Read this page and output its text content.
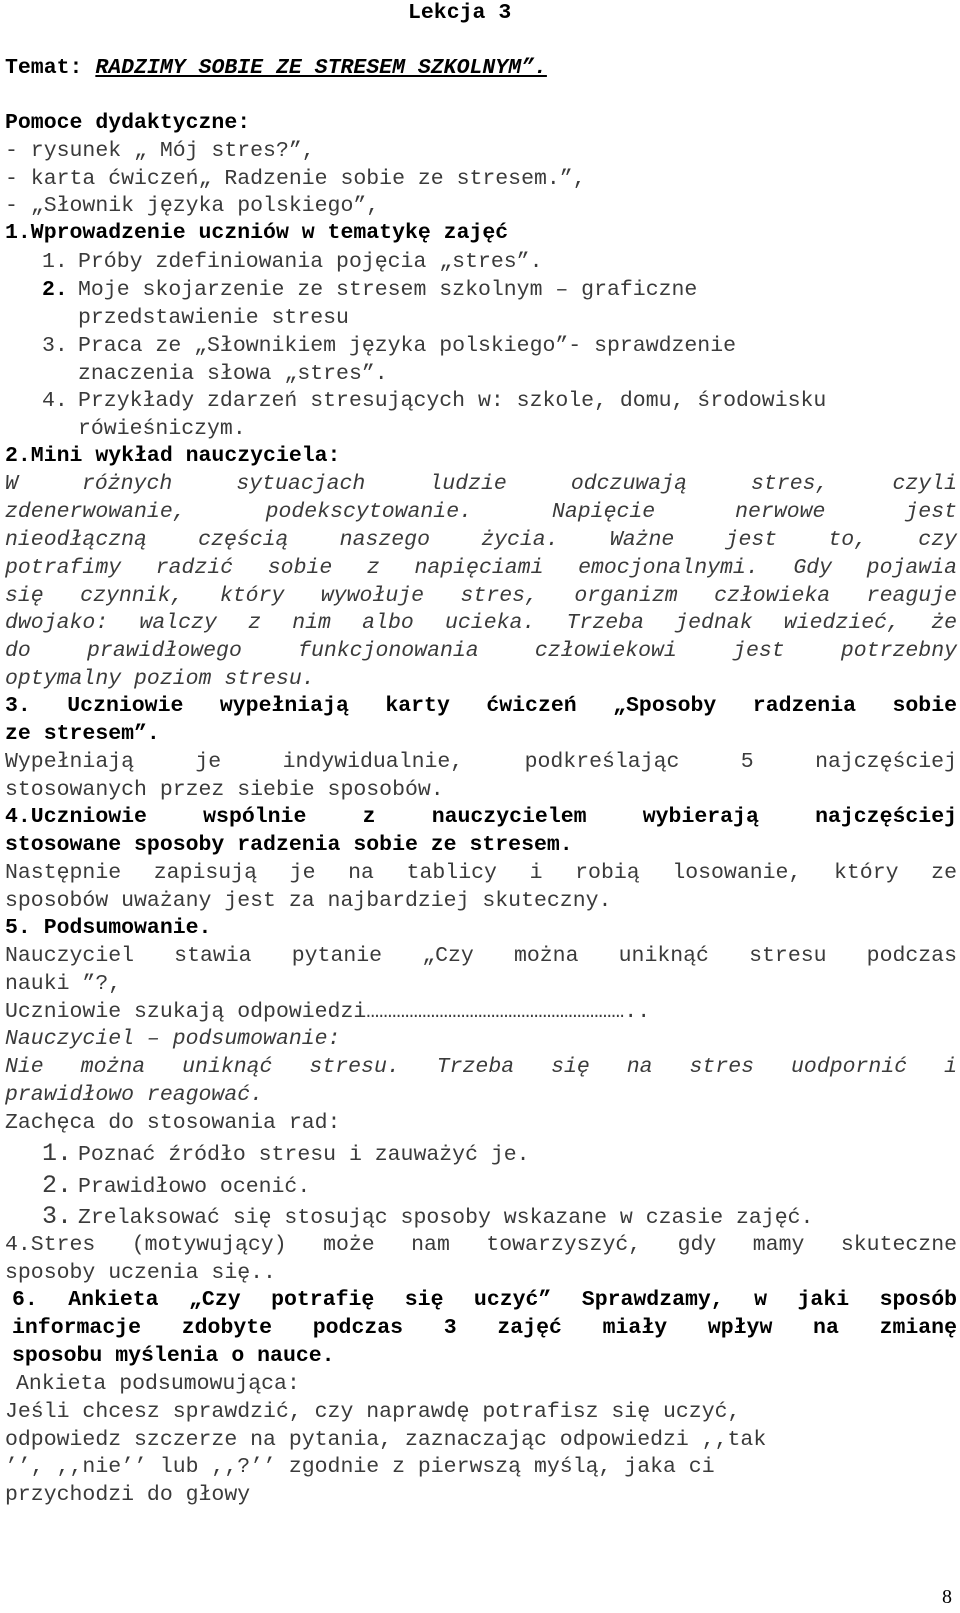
Lekcja 3
Temat: RADZIMY SOBIE ZE STRESEM SZKOLNYM”.
Pomoce dydaktyczne:
- rysunek „ Mój stres?”,
- karta ćwiczeń„ Radzenie sobie ze stresem.”,
- „Słownik języka polskiego”,
1.Wprowadzenie uczniów w tematykę zajęć
1. Próby zdefiniowania pojęcia „stres”.
2. Moje skojarzenie ze stresem szkolnym – graficzne
przedstawienie stresu
3. Praca ze „Słownikiem języka polskiego”- sprawdzenie
znaczenia słowa „stres”.
4. Przykłady zdarzeń stresujących w: szkole, domu, środowisku
rówieśniczym.
2.Mini wykład nauczyciela:
W różnych sytuacjach ludzie odczuwają stres, czyli
zdenerwowanie, podekscytowanie. Napięcie nerwowe jest
nieodłączną częścią naszego życia. Ważne jest to, czy
potrafimy radzić sobie z napięciami emocjonalnymi. Gdy pojawia
się czynnik, który wywołuje stres, organizm człowieka reaguje
dwojako: walczy z nim albo ucieka. Trzeba jednak wiedzieć, że
do prawidłowego funkcjonowania człowiekowi jest potrzebny
optymalny poziom stresu.
3. Uczniowie wypełniają karty ćwiczeń „Sposoby radzenia sobie
ze stresem”.
Wypełniają je indywidualnie, podkreślając 5 najczęściej
stosowanych przez siebie sposobów.
4.Uczniowie wspólnie z nauczycielem wybierają najczęściej
stosowane sposoby radzenia sobie ze stresem.
Następnie zapisują je na tablicy i robią losowanie, który ze
sposobów uważany jest za najbardziej skuteczny.
5. Podsumowanie.
Nauczyciel stawia pytanie „Czy można uniknąć stresu podczas
nauki ”?,
Uczniowie szukają odpowiedzi……………………………………………………..
Nauczyciel – podsumowanie:
Nie można uniknąć stresu. Trzeba się na stres uodpornić i
prawidłowo reagować.
Zachęca do stosowania rad:
1. Poznać źródło stresu i zauważyć je.
2. Prawidłowo ocenić.
3. Zrelaksować się stosując sposoby wskazane w czasie zajęć.
4.Stres (motywujący) może nam towarzyszyć, gdy mamy skuteczne
sposoby uczenia się..
6. Ankieta „Czy potrafię się uczyć” Sprawdzamy, w jaki sposób
informacje zdobyte podczas 3 zajęć miały wpływ na zmianę
sposobu myślenia o nauce.
Ankieta podsumowująca:
Jeśli chcesz sprawdzić, czy naprawdę potrafisz się uczyć,
odpowiedz szczerze na pytania, zaznaczając odpowiedzi ,,tak
’’, ,,nie’’ lub ,,?’’ zgodnie z pierwszą myślą, jaka ci
przychodzi do głowy
8
